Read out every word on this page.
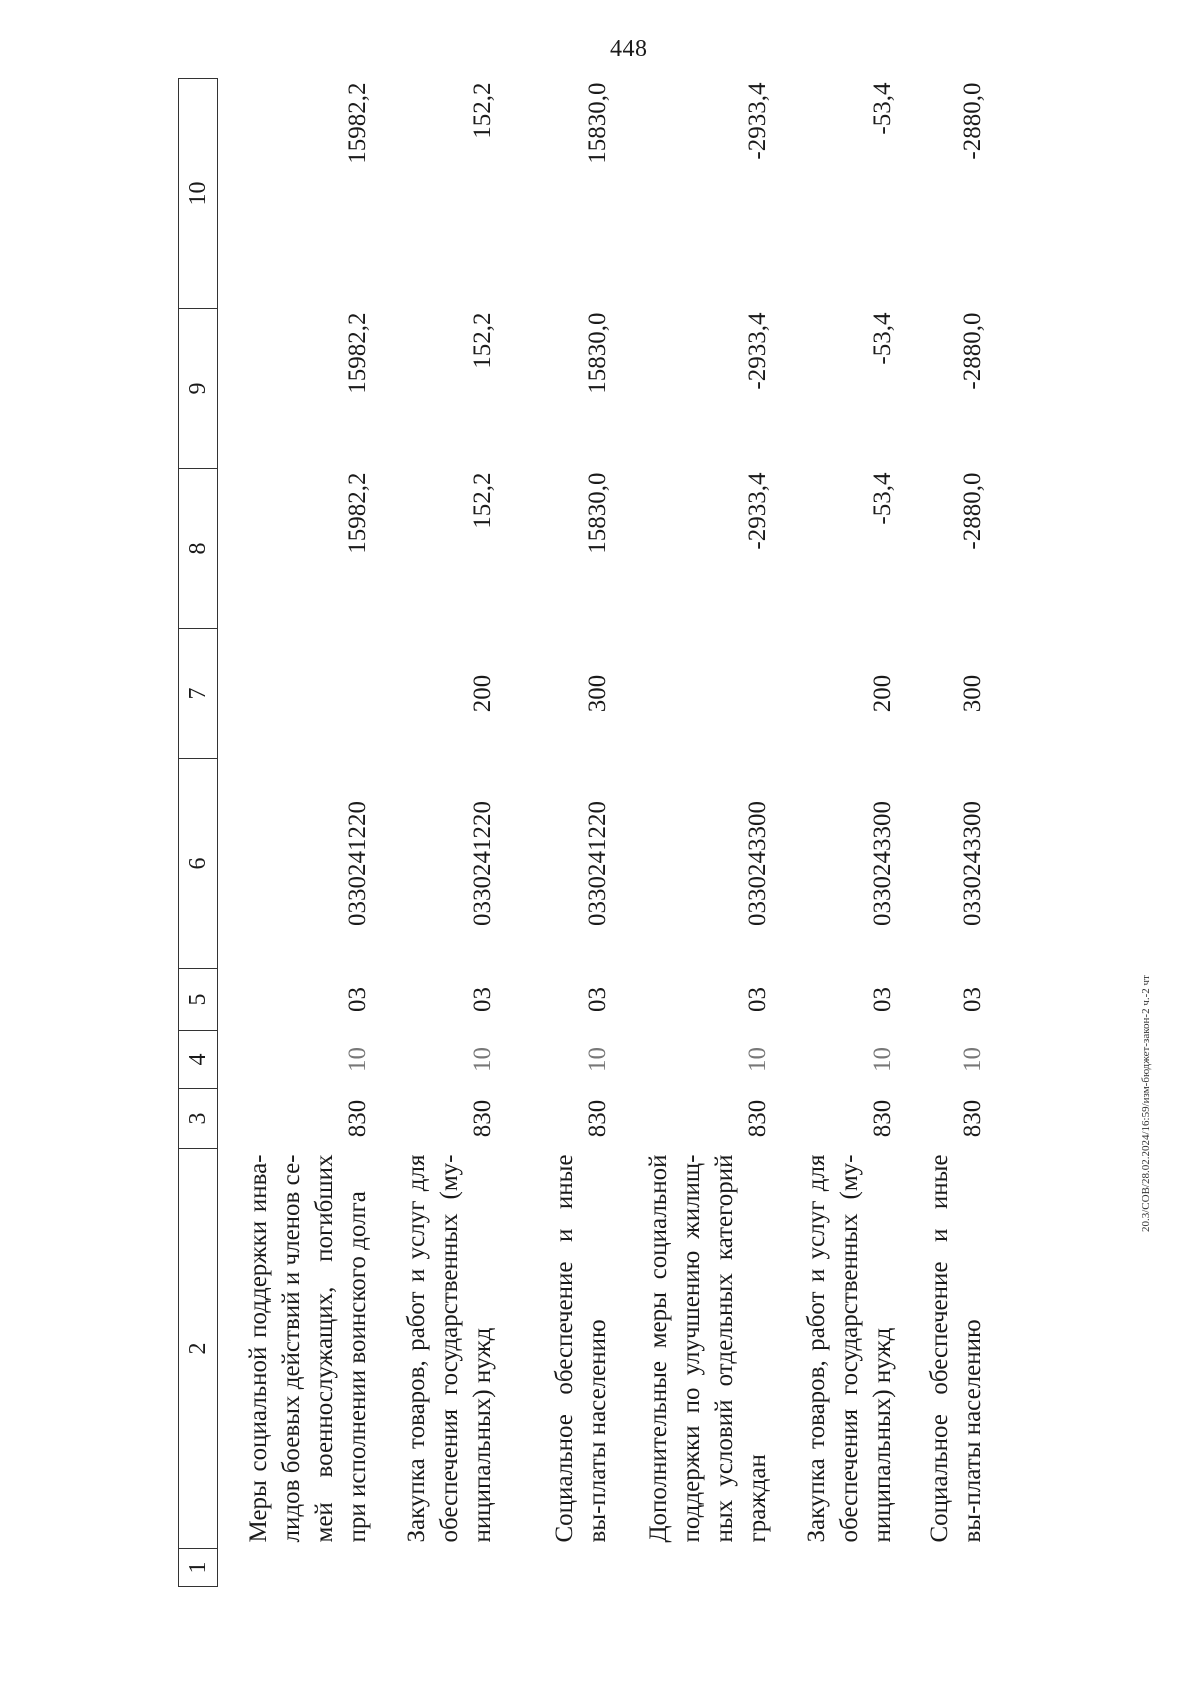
448
1	2	3	4	5	6	7	8	9	10
	Меры социальной поддержки инва-лидов боевых действий и членов се-мей военнослужащих, погибших при исполнении воинского долга	830	10	03	0330241220		15982,2	15982,2	15982,2
	Закупка товаров, работ и услуг для обеспечения государственных (му-ниципальных) нужд	830	10	03	0330241220	200	152,2	152,2	152,2
	Социальное обеспечение и иные вы-платы населению	830	10	03	0330241220	300	15830,0	15830,0	15830,0
	Дополнительные меры социальной поддержки по улучшению жилищ-ных условий отдельных категорий граждан	830	10	03	0330243300		-2933,4	-2933,4	-2933,4
	Закупка товаров, работ и услуг для обеспечения государственных (му-ниципальных) нужд	830	10	03	0330243300	200	-53,4	-53,4	-53,4
	Социальное обеспечение и иные вы-платы населению	830	10	03	0330243300	300	-2880,0	-2880,0	-2880,0
20.3/СОВ/28.02.2024/16:59/изм-бюджет-закон-2 ч.-2 чт
